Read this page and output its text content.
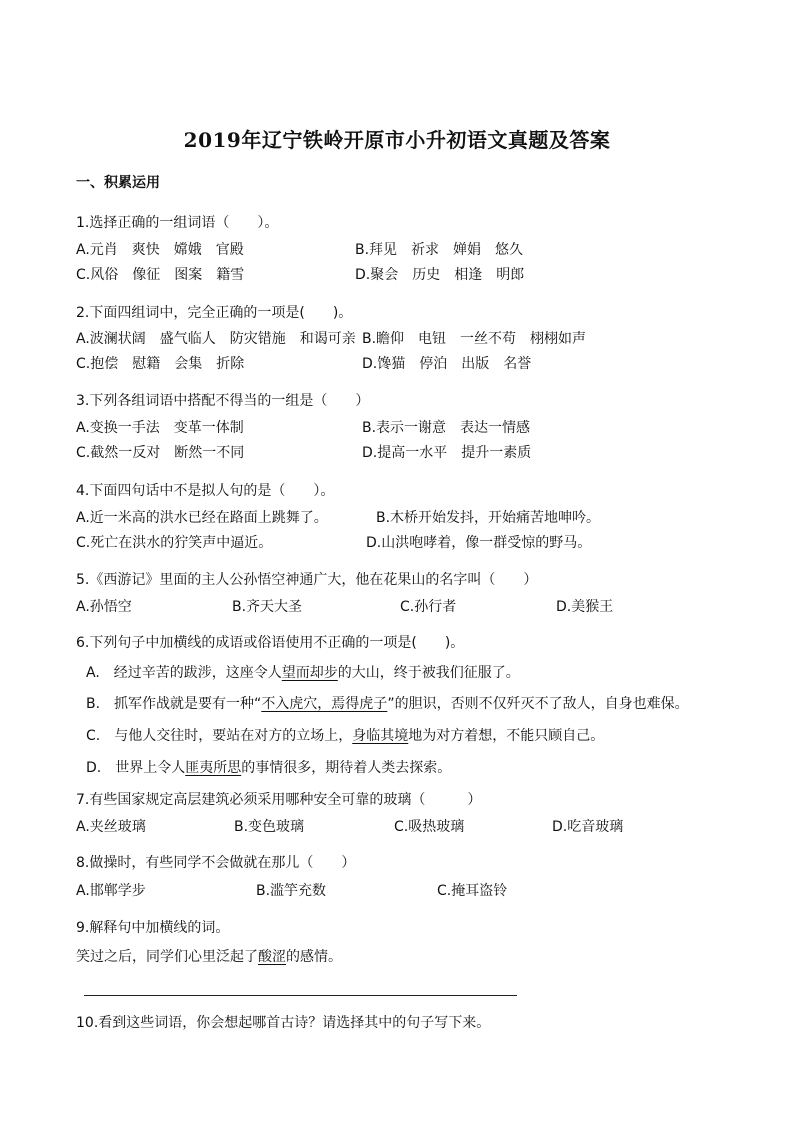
2019年辽宁铁岭开原市小升初语文真题及答案
一、积累运用
1.选择正确的一组词语（　　）。
A.元肖　爽快　嫦娥　官殿	B.拜见　祈求　婵娟　悠久
C.风俗　像征　图案　籍雪	D.聚会　历史　相逢　明郎
2.下面四组词中，完全正确的一项是(　　)。
A.波澜状阔　盛气临人　防灾错施　和谒可亲 B.瞻仰　电钮　一丝不苟　栩栩如声
C.抱偿　慰籍　会集　折除	D.馋猫　停泊　出版　名誉
3.下列各组词语中搭配不得当的一组是（　　）
A.变换一手法　变革一体制	B.表示一谢意　表达一情感
C.截然一反对　断然一不同	D.提高一水平　提升一素质
4.下面四句话中不是拟人句的是（　　）。
A.近一米高的洪水已经在路面上跳舞了。	B.木桥开始发抖，开始痛苦地呻吟。
C.死亡在洪水的狞笑声中逼近。	D.山洪咆哮着，像一群受惊的野马。
5.《西游记》里面的主人公孙悟空神通广大，他在花果山的名字叫（　　）
A.孙悟空	B.齐天大圣	C.孙行者	D.美猴王
6.下列句子中加横线的成语或俗语使用不正确的一项是(　　)。
A.　经过辛苦的跋涉，这座令人望而却步的大山，终于被我们征服了。
B.　抓军作战就是要有一种“不入虎穴，焉得虎子”的胆识，否则不仅歼灭不了敌人，自身也难保。
C.　与他人交往时，要站在对方的立场上，身临其境地为对方着想，不能只顾自己。
D.　世界上令人匪夷所思的事情很多，期待着人类去探索。
7.有些国家规定高层建筑必须采用哪种安全可靠的玻璃（　　　）
A.夹丝玻璃	B.变色玻璃	C.吸热玻璃	D.吃音玻璃
8.做操时，有些同学不会做就在那儿（　　）
A.邯郸学步	B.滥竽充数	C.掩耳盗铃
9.解释句中加横线的词。
笑过之后，同学们心里泛起了酸涩的感情。
10.看到这些词语，你会想起哪首古诗？请选择其中的句子写下来。
